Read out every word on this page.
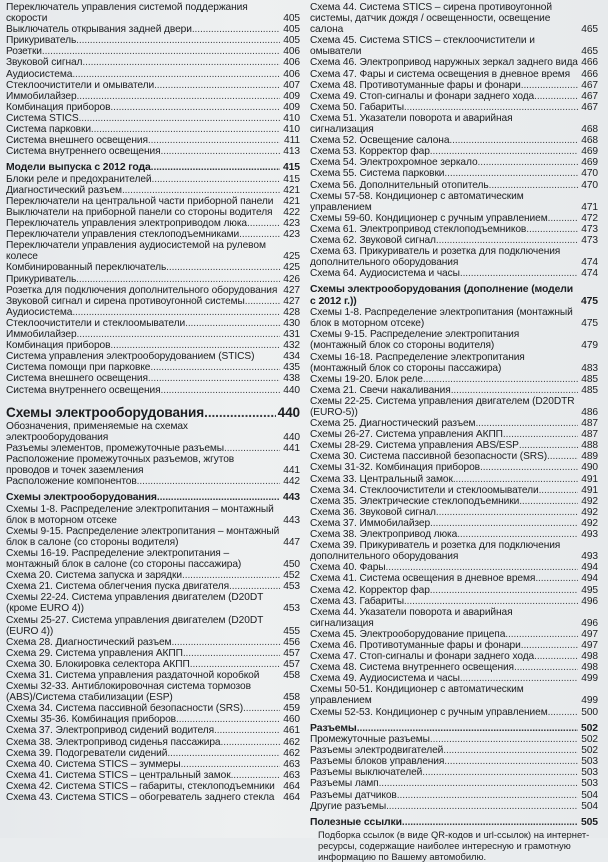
Переключатель управления системой поддержания скорости	405
Выключатель открывания задней двери .....	405
Прикуриватель .....	405
Розетки .....	406
Звуковой сигнал .....	406
Аудиосистема .....	406
Стеклоочистители и омыватели .....	407
Иммобилайзер .....	409
Комбинация приборов .....	409
Система STICS .....	410
Система парковки .....	410
Система внешнего освещения .....	411
Система внутреннего освещения .....	413
Модели выпуска с 2012 года .....	415
Блоки реле и предохранителей .....	415
Диагностический разъем .....	421
Переключатели на центральной части приборной панели 421
Выключатели на приборной панели со стороны водителя	422
Переключатель управления электроприводом люка .....	423
Переключатели управления стеклоподъемниками .....	423
Переключатели управления аудиосистемой на рулевом колесе	425
Комбинированный переключатель .....	425
Прикуриватель .....	426
Розетка для подключения дополнительного оборудования 427
Звуковой сигнал и сирена противоугонной системы .....	427
Аудиосистема .....	428
Стеклоочистители и стеклоомыватели .....	430
Иммобилайзер .....	431
Комбинация приборов .....	432
Система управления электрооборудованием (STICS)	434
Система помощи при парковке .....	435
Система внешнего освещения .....	438
Система внутреннего освещения .....	440
Схемы электрооборудования .....	440
Обозначения, применяемые на схемах электрооборудования	440
Разъемы элементов, промежуточные разъемы .....	441
Расположение промежуточных разъемов, жгутов проводов и точек заземления	441
Расположение компонентов .....	442
Схемы электрооборудования .....	443
Схемы 1-8. Распределение электропитания – монтажный блок в моторном отсеке	443
Схемы 9-15. Распределение электропитания – монтажный блок в салоне (со стороны водителя)	447
Схемы 16-19. Распределение электропитания – монтажный блок в салоне (со стороны пассажира)	450
Схема 20. Система запуска и зарядки .....	452
Схема 21. Система облегчения пуска двигателя .....	453
Схемы 22-24. Система управления двигателем (D20DT (кроме EURO 4))	453
Схемы 25-27. Система управления двигателем (D20DT (EURO 4))	455
Схема 28. Диагностический разъем .....	456
Схема 29. Система управления АКПП .....	457
Схема 30. Блокировка селектора АКПП .....	457
Схема 31. Система управления раздаточной коробкой	458
Схемы 32-33. Антиблокировочная система тормозов (ABS)/Система стабилизации (ESP)	458
Схема 34. Система пассивной безопасности (SRS) .....	459
Схемы 35-36. Комбинация приборов .....	460
Схема 37. Электропривод сидений водителя .....	461
Схема 38. Электропривод сиденья пассажира .....	462
Схема 39. Подогреватели сидений .....	462
Схема 40. Система STICS – зуммеры .....	463
Схема 41. Система STICS – центральный замок .....	463
Схема 42. Система STICS – габариты, стеклоподъемники 464
Схема 43. Система STICS – обогреватель заднего стекла 464
Схема 44. Система STICS – сирена противоугонной системы, датчик дождя / освещенности, освещение салона	465
Схема 45. Система STICS – стеклоочистители и омыватели	465
Схема 46. Электропривод наружных зеркал заднего вида 466
Схема 47. Фары и система освещения в дневное время	466
Схема 48. Противотуманные фары и фонари .....	467
Схема 49. Стоп-сигналы и фонари заднего хода .....	467
Схема 50. Габариты .....	467
Схема 51. Указатели поворота и аварийная сигнализация	468
Схема 52. Освещение салона .....	468
Схема 53. Корректор фар .....	469
Схема 54. Электрохромное зеркало .....	469
Схема 55. Система парковки .....	470
Схема 56. Дополнительный отопитель .....	470
Схемы 57-58. Кондиционер с автоматическим управлением	471
Схемы 59-60. Кондиционер с ручным управлением .....	472
Схема 61. Электропривод стеклоподъемников .....	473
Схема 62. Звуковой сигнал .....	473
Схема 63. Прикуриватель и розетка для подключения дополнительного оборудования	474
Схема 64. Аудиосистема и часы .....	474
Схемы электрооборудования (дополнение (модели с 2012 г.))	475
Схемы 1-8. Распределение электропитания (монтажный блок в моторном отсеке)	475
Схемы 9-15. Распределение электропитания (монтажный блок со стороны водителя)	479
Схемы 16-18. Распределение электропитания (монтажный блок со стороны пассажира)	483
Схемы 19-20. Блок реле .....	485
Схема 21. Свечи накаливания .....	485
Схемы 22-25. Система управления двигателем (D20DTR (EURO-5))	486
Схема 25. Диагностический разъем .....	487
Схемы 26-27. Система управления АКПП .....	487
Схемы 28-29. Система управления ABS/ESP .....	488
Схема 30. Система пассивной безопасности (SRS) .....	489
Схемы 31-32. Комбинация приборов .....	490
Схема 33. Центральный замок .....	491
Схема 34. Стеклоочистители и стеклоомыватели .....	491
Схема 35. Электрические стеклоподъемники .....	492
Схема 36. Звуковой сигнал .....	492
Схема 37. Иммобилайзер .....	492
Схема 38. Электропривод люка .....	493
Схема 39. Прикуриватель и розетка для подключения дополнительного оборудования	493
Схема 40. Фары .....	494
Схема 41. Система освещения в дневное время .....	494
Схема 42. Корректор фар .....	495
Схема 43. Габариты .....	496
Схема 44. Указатели поворота и аварийная сигнализация	496
Схема 45. Электрооборудование прицепа .....	497
Схема 46. Противотуманные фары и фонари .....	497
Схема 47. Стоп-сигналы и фонари заднего хода .....	498
Схема 48. Система внутреннего освещения .....	498
Схема 49. Аудиосистема и часы .....	499
Схемы 50-51. Кондиционер с автоматическим управлением	499
Схемы 52-53. Кондиционер с ручным управлением .....	500
Разъемы .....	502
Промежуточные разъемы .....	502
Разъемы электродвигателей .....	502
Разъемы блоков управления .....	503
Разъемы выключателей .....	503
Разъемы ламп .....	503
Разъемы датчиков .....	504
Другие разъемы .....	504
Полезные ссылки .....	505
Подборка ссылок (в виде QR-кодов и url-ссылок) на интернет-ресурсы, содержащие наиболее интересную и грамотную информацию по Вашему автомобилю.
